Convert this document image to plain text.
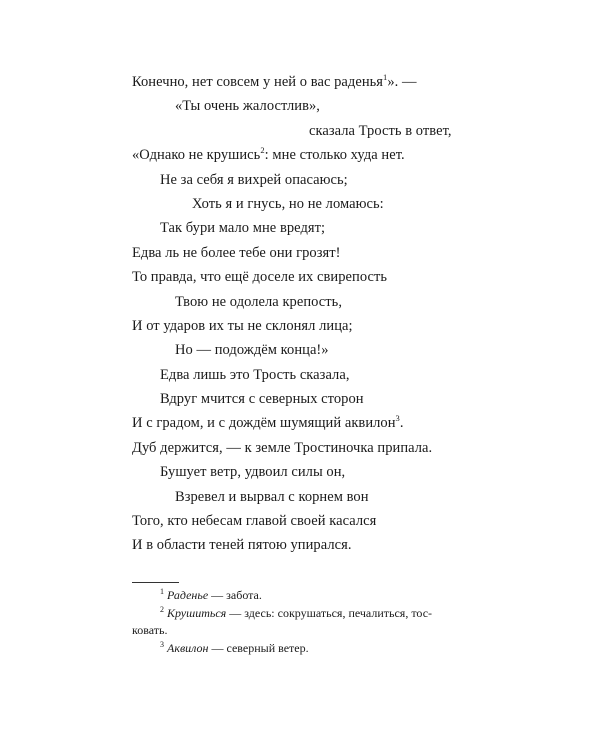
Конечно, нет совсем у ней о вас раденья$^1$». —
«Ты очень жалостлив»,
сказала Трость в ответ,
«Однако не крушись$^2$: мне столько худа нет.
Не за себя я вихрей опасаюсь;
Хоть я и гнусь, но не ломаюсь:
Так бури мало мне вредят;
Едва ль не более тебе они грозят!
То правда, что ещё доселе их свирепость
Твою не одолела крепость,
И от ударов их ты не склонял лица;
Но — подождём конца!»
Едва лишь это Трость сказала,
Вдруг мчится с северных сторон
И с градом, и с дождём шумящий аквилон$^3$.
Дуб держится, — к земле Тростиночка припала.
Бушует ветр, удвоил силы он,
Взревел и вырвал с корнем вон
Того, кто небесам главой своей касался
И в области теней пятою упирался.
$^1$ Раденье — забота.
$^2$ Крушиться — здесь: сокрушаться, печалиться, тос-
ковать.
$^3$ Аквилон — северный ветер.
